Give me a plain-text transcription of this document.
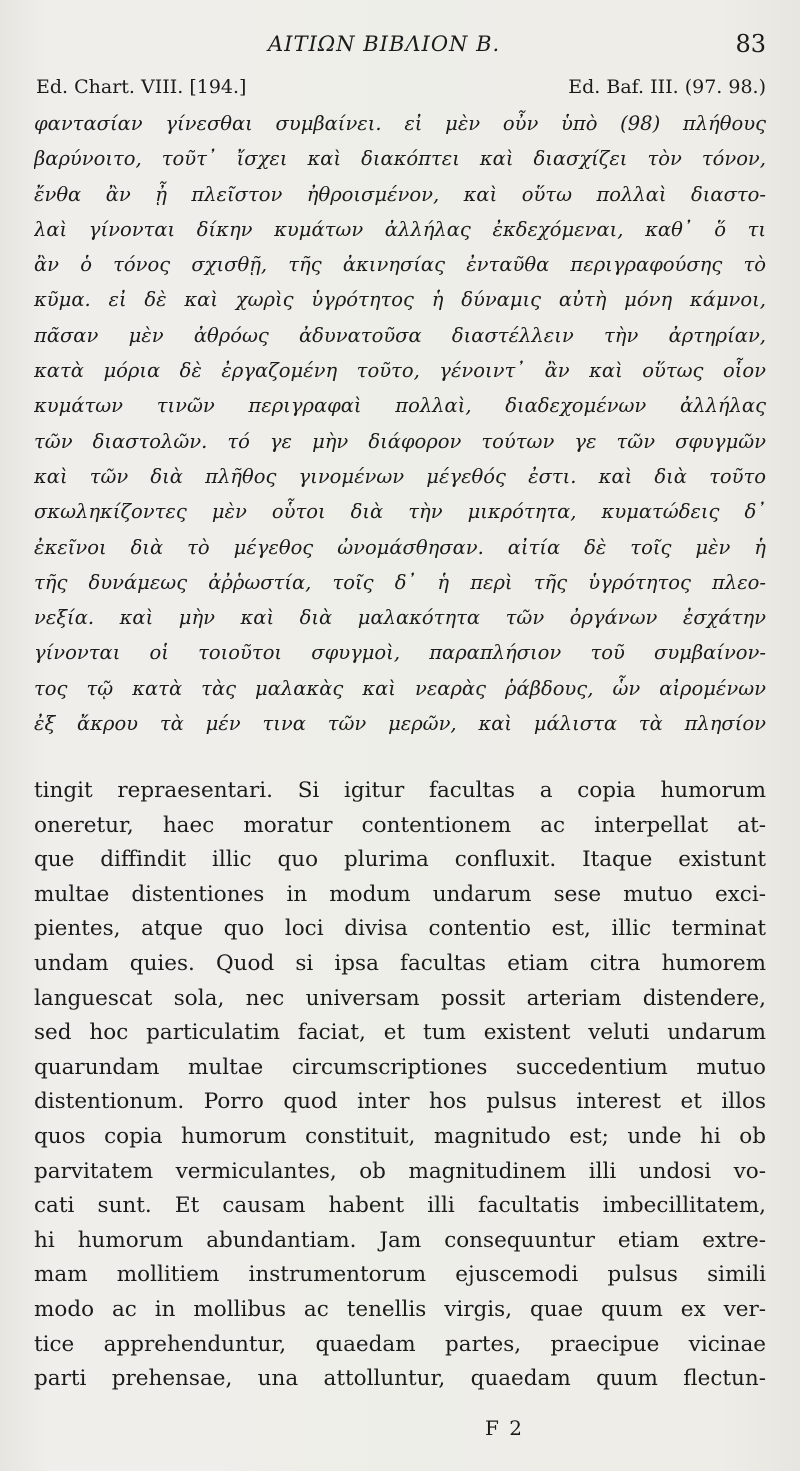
ΑΙΤΙΩΝ ΒΙΒΛΙΟΝ Β.	83
Ed. Chart. VIII. [194.]	Ed. Baf. III. (97. 98.)
φαντασίαν γίνεσθαι συμβαίνει. εἰ μὲν οὖν ὑπὸ (98) πλήθους
βαρύνοιτο, τοῦτ᾽ ἴσχει καὶ διακόπτει καὶ διασχίζει τὸν τόνον,
ἔνθα ἂν ᾖ πλεῖστον ἠθροισμένον, καὶ οὕτω πολλαὶ διαστο-
λαὶ γίνονται δίκην κυμάτων ἀλλήλας ἐκδεχόμεναι, καθ᾽ ὅ τι
ἂν ὁ τόνος σχισθῇ, τῆς ἀκινησίας ἐνταῦθα περιγραφούσης τὸ
κῦμα. εἰ δὲ καὶ χωρὶς ὑγρότητος ἡ δύναμις αὐτὴ μόνη κάμνοι,
πᾶσαν μὲν ἀθρόως ἀδυνατοῦσα διαστέλλειν τὴν ἀρτηρίαν,
κατὰ μόρια δὲ ἐργαζομένη τοῦτο, γένοιντ᾽ ἂν καὶ οὕτως οἷον
κυμάτων τινῶν περιγραφαὶ πολλαὶ, διαδεχομένων ἀλλήλας
τῶν διαστολῶν. τό γε μὴν διάφορον τούτων γε τῶν σφυγμῶν
καὶ τῶν διὰ πλῆθος γινομένων μέγεθός ἐστι. καὶ διὰ τοῦτο
σκωληκίζοντες μὲν οὗτοι διὰ τὴν μικρότητα, κυματώδεις δ᾽
ἐκεῖνοι διὰ τὸ μέγεθος ὠνομάσθησαν. αἰτία δὲ τοῖς μὲν ἡ
τῆς δυνάμεως ἀῤῥωστία, τοῖς δ᾽ ἡ περὶ τῆς ὑγρότητος πλεο-
νεξία. καὶ μὴν καὶ διὰ μαλακότητα τῶν ὀργάνων ἐσχάτην
γίνονται οἱ τοιοῦτοι σφυγμοὶ, παραπλήσιον τοῦ συμβαίνον-
τος τῷ κατὰ τὰς μαλακὰς καὶ νεαρὰς ῥάβδους, ὧν αἰρομένων
ἐξ ἄκρου τὰ μέν τινα τῶν μερῶν, καὶ μάλιστα τὰ πλησίον
tingit repraesentari. Si igitur facultas a copia humorum
oneretur, haec moratur contentionem ac interpellat at-
que diffindit illic quo plurima confluxit. Itaque existunt
multae distentiones in modum undarum sese mutuo exci-
pientes, atque quo loci divisa contentio est, illic terminat
undam quies. Quod si ipsa facultas etiam citra humorem
languescat sola, nec universam possit arteriam distendere,
sed hoc particulatim faciat, et tum existent veluti undarum
quarundam multae circumscriptiones succedentium mutuo
distentionum. Porro quod inter hos pulsus interest et illos
quos copia humorum constituit, magnitudo est; unde hi ob
parvitatem vermiculantes, ob magnitudinem illi undosi vo-
cati sunt. Et causam habent illi facultatis imbecillitatem,
hi humorum abundantiam. Jam consequuntur etiam extre-
mam mollitiem instrumentorum ejuscemodi pulsus simili
modo ac in mollibus ac tenellis virgis, quae quum ex ver-
tice apprehenduntur, quaedam partes, praecipue vicinae
parti prehensae, una attolluntur, quaedam quum flectun-
F 2
